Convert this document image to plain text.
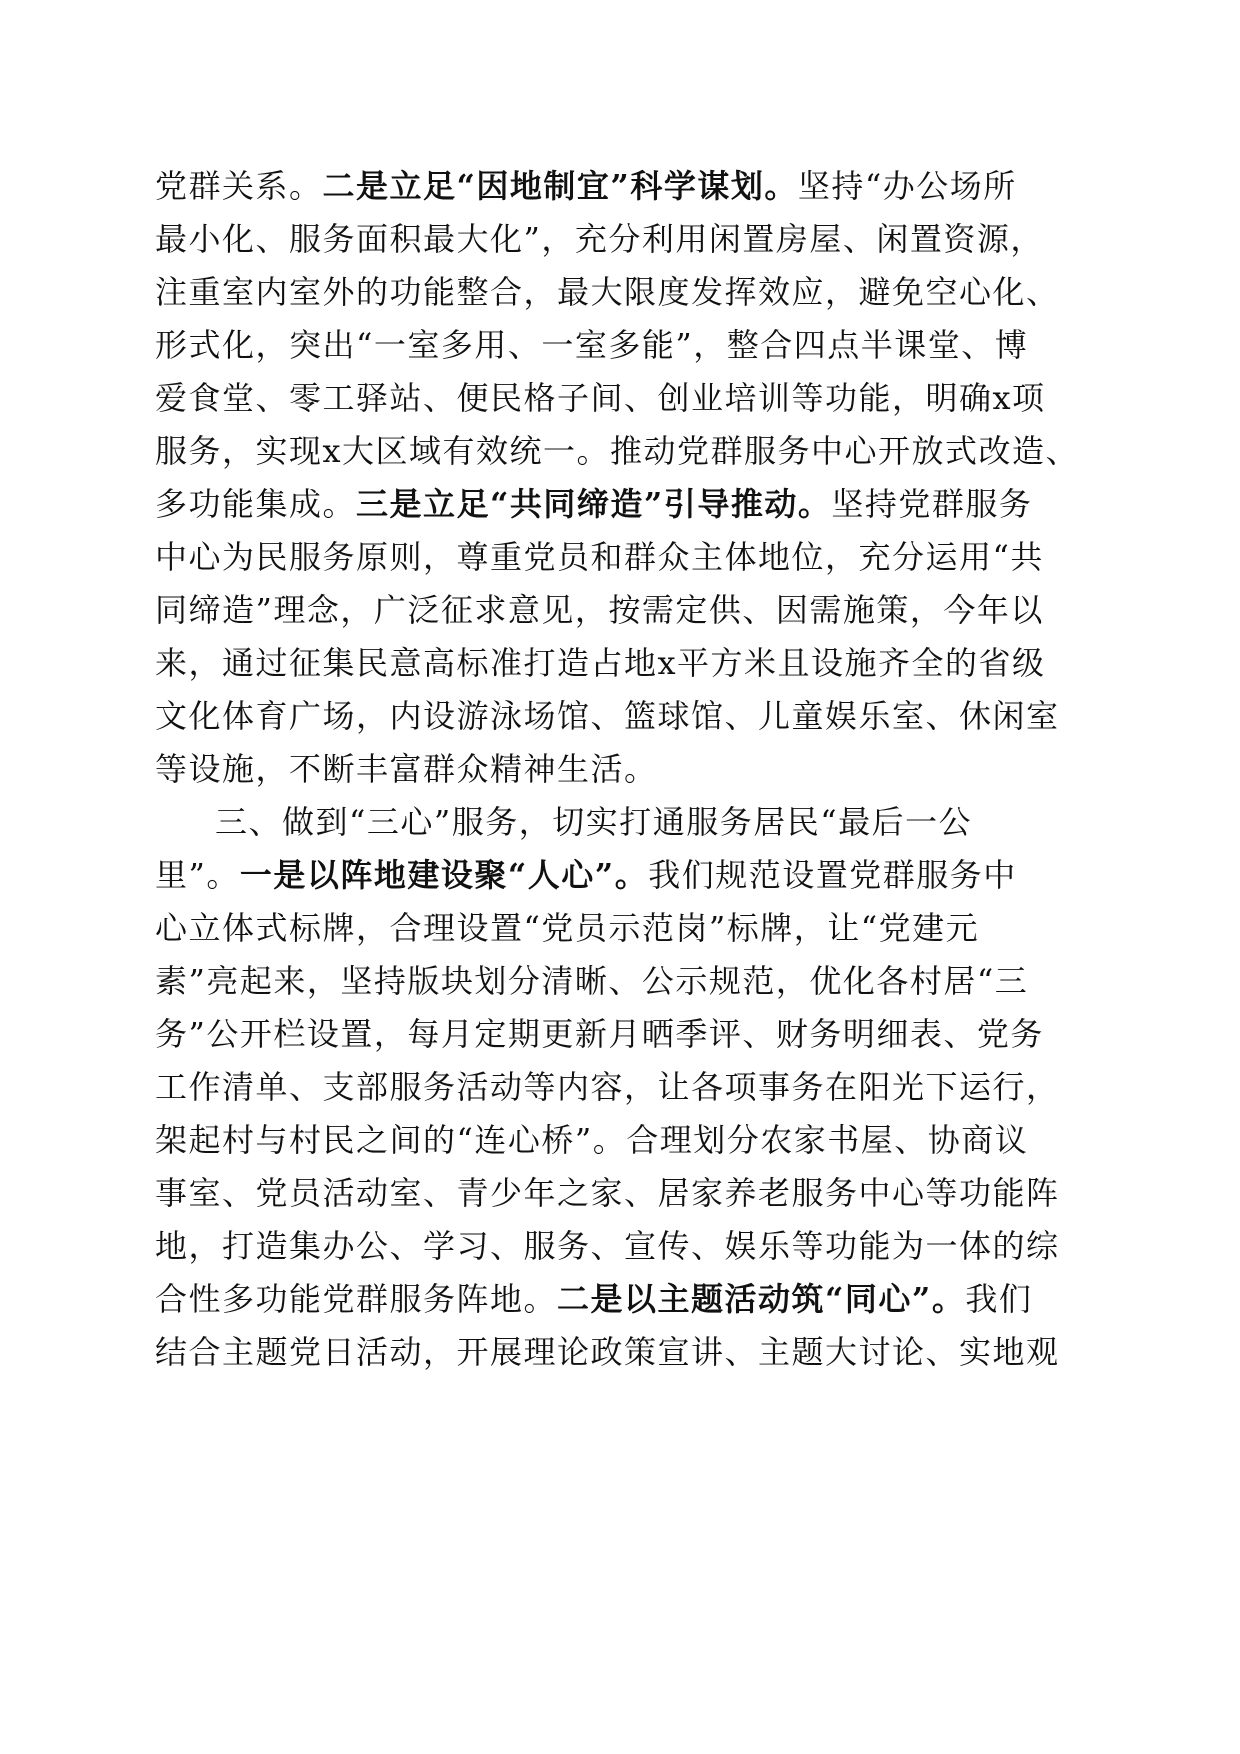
党群关系。二是立足“因地制宜”科学谋划。坚持“办公场所
最小化、服务面积最大化”，充分利用闲置房屋、闲置资源，
注重室内室外的功能整合，最大限度发挥效应，避免空心化、
形式化，突出“一室多用、一室多能”，整合四点半课堂、博
爱食堂、零工驿站、便民格子间、创业培训等功能，明确x项
服务，实现x大区域有效统一。推动党群服务中心开放式改造、
多功能集成。三是立足“共同缔造”引导推动。坚持党群服务
中心为民服务原则，尊重党员和群众主体地位，充分运用“共
同缔造”理念，广泛征求意见，按需定供、因需施策，今年以
来，通过征集民意高标准打造占地x平方米且设施齐全的省级
文化体育广场，内设游泳场馆、篮球馆、儿童娱乐室、休闲室
等设施，不断丰富群众精神生活。
三、做到“三心”服务，切实打通服务居民“最后一公
里”。一是以阵地建设聚“人心”。我们规范设置党群服务中
心立体式标牌，合理设置“党员示范岗”标牌，让“党建元
素”亮起来，坚持版块划分清晰、公示规范，优化各村居“三
务”公开栏设置，每月定期更新月晒季评、财务明细表、党务
工作清单、支部服务活动等内容，让各项事务在阳光下运行，
架起村与村民之间的“连心桥”。合理划分农家书屋、协商议
事室、党员活动室、青少年之家、居家养老服务中心等功能阵
地，打造集办公、学习、服务、宣传、娱乐等功能为一体的综
合性多功能党群服务阵地。二是以主题活动筑“同心”。我们
结合主题党日活动，开展理论政策宣讲、主题大讨论、实地观
